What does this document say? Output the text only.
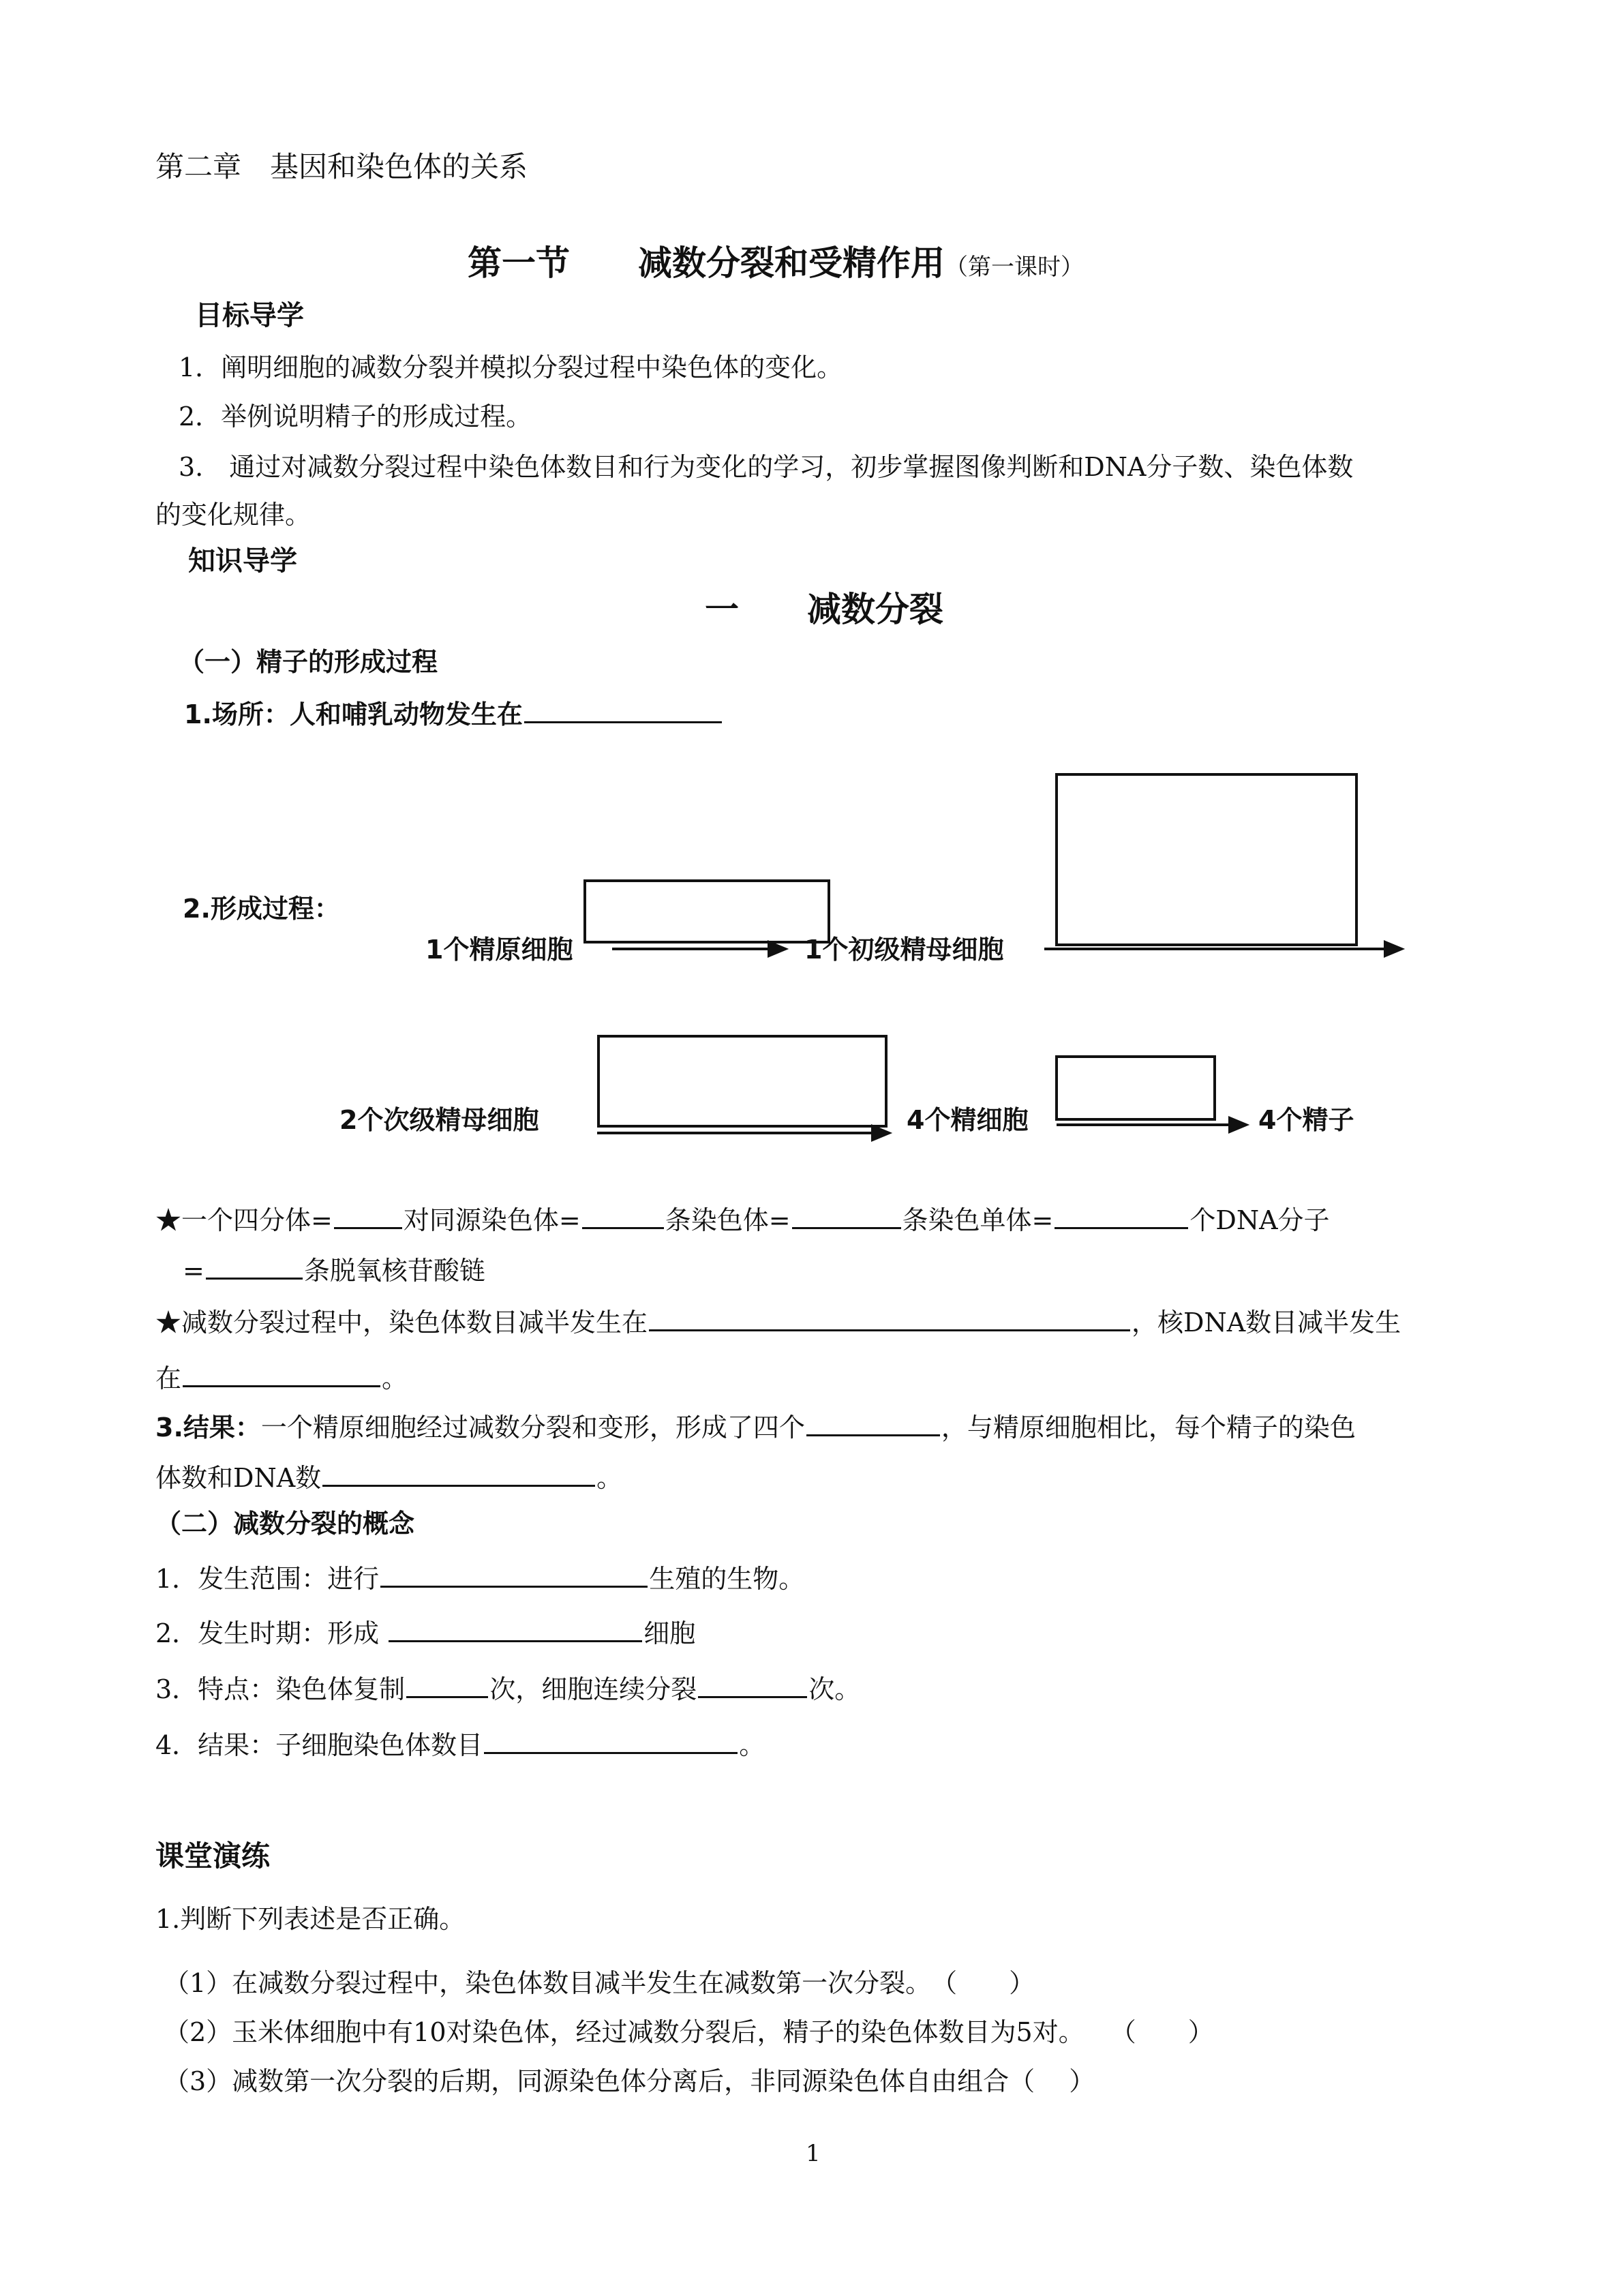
第二章　基因和染色体的关系
第一节　　减数分裂和受精作用（第一课时）
目标导学
1．阐明细胞的减数分裂并模拟分裂过程中染色体的变化。
2．举例说明精子的形成过程。
3.　通过对减数分裂过程中染色体数目和行为变化的学习，初步掌握图像判断和DNA分子数、染色体数
的变化规律。
知识导学
一　　减数分裂
（一）精子的形成过程
1.场所：人和哺乳动物发生在
2.形成过程：
1个精原细胞	1个初级精母细胞
2个次级精母细胞	4个精细胞	4个精子
★一个四分体=	对同源染色体=	条染色体=	条染色单体=	个DNA分子
=	条脱氧核苷酸链
★减数分裂过程中，染色体数目减半发生在	，核DNA数目减半发生
在	。
3.结果：一个精原细胞经过减数分裂和变形，形成了四个	，与精原细胞相比，每个精子的染色
体数和DNA数	。
（二）减数分裂的概念
1．发生范围：进行	生殖的生物。
2．发生时期：形成	细胞
3．特点：染色体复制	次，细胞连续分裂	次。
4．结果：子细胞染色体数目	。
课堂演练
1.判断下列表述是否正确。
（1）在减数分裂过程中，染色体数目减半发生在减数第一次分裂。　（　　）
（2）玉米体细胞中有10对染色体，经过减数分裂后，精子的染色体数目为5对。　　（　　）
（3）减数第一次分裂的后期，同源染色体分离后，非同源染色体自由组合（　 ）
1
